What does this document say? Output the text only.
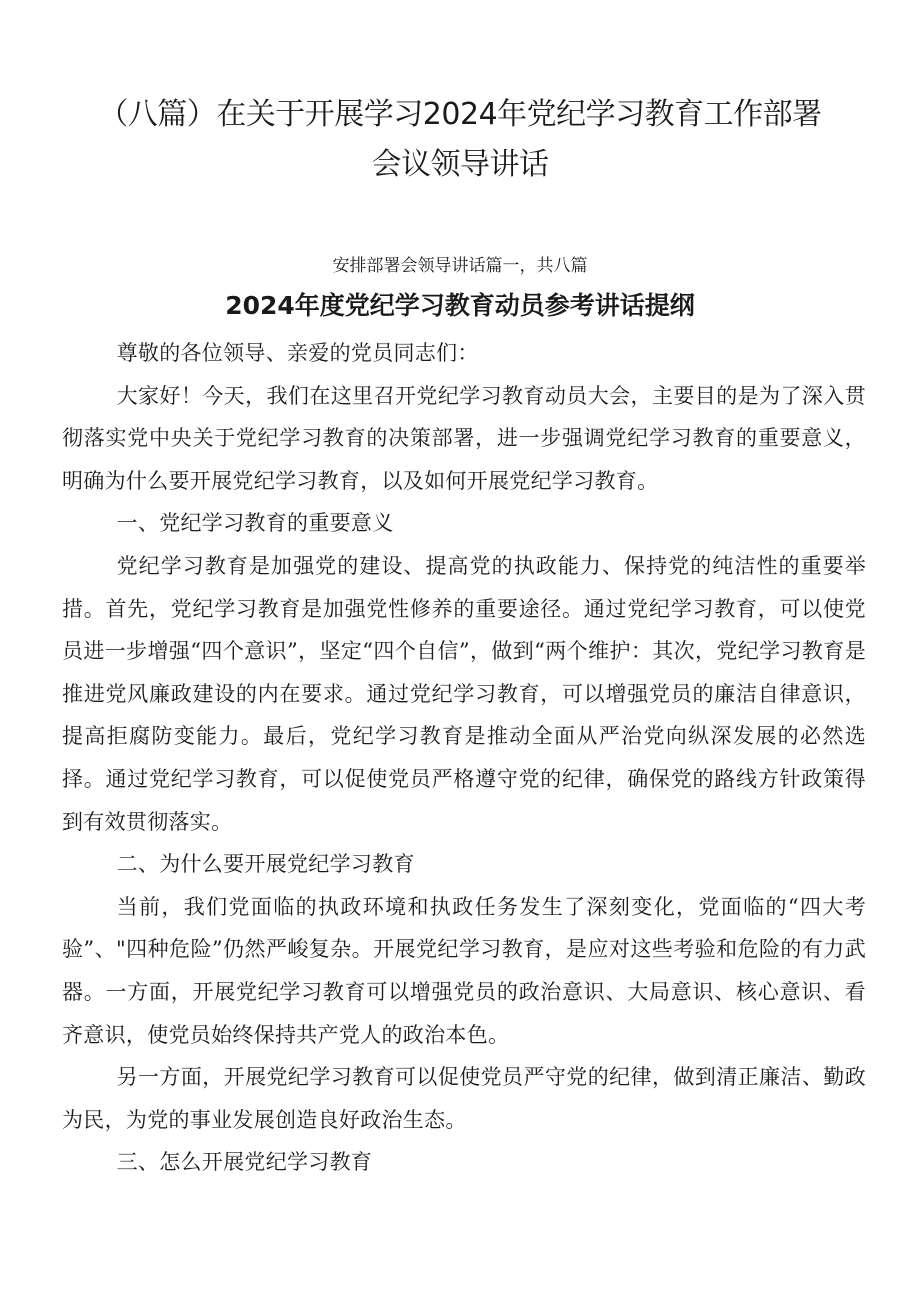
（八篇）在关于开展学习2024年党纪学习教育工作部署会议领导讲话
安排部署会领导讲话篇一，共八篇
2024年度党纪学习教育动员参考讲话提纲

尊敬的各位领导、亲爱的党员同志们：

大家好！今天，我们在这里召开党纪学习教育动员大会，主要目的是为了深入贯彻落实党中央关于党纪学习教育的决策部署，进一步强调党纪学习教育的重要意义，明确为什么要开展党纪学习教育，以及如何开展党纪学习教育。

一、党纪学习教育的重要意义

党纪学习教育是加强党的建设、提高党的执政能力、保持党的纯洁性的重要举措。首先，党纪学习教育是加强党性修养的重要途径。通过党纪学习教育，可以使党员进一步增强“四个意识”，坚定“四个自信”，做到“两个维护：其次，党纪学习教育是推进党风廉政建设的内在要求。通过党纪学习教育，可以增强党员的廉洁自律意识，提高拒腐防变能力。最后，党纪学习教育是推动全面从严治党向纵深发展的必然选择。通过党纪学习教育，可以促使党员严格遵守党的纪律，确保党的路线方针政策得到有效贯彻落实。

二、为什么要开展党纪学习教育

当前，我们党面临的执政环境和执政任务发生了深刻变化，党面临的“四大考验”、"四种危险”仍然严峻复杂。开展党纪学习教育，是应对这些考验和危险的有力武器。一方面，开展党纪学习教育可以增强党员的政治意识、大局意识、核心意识、看齐意识，使党员始终保持共产党人的政治本色。

另一方面，开展党纪学习教育可以促使党员严守党的纪律，做到清正廉洁、勤政为民，为党的事业发展创造良好政治生态。

三、怎么开展党纪学习教育
